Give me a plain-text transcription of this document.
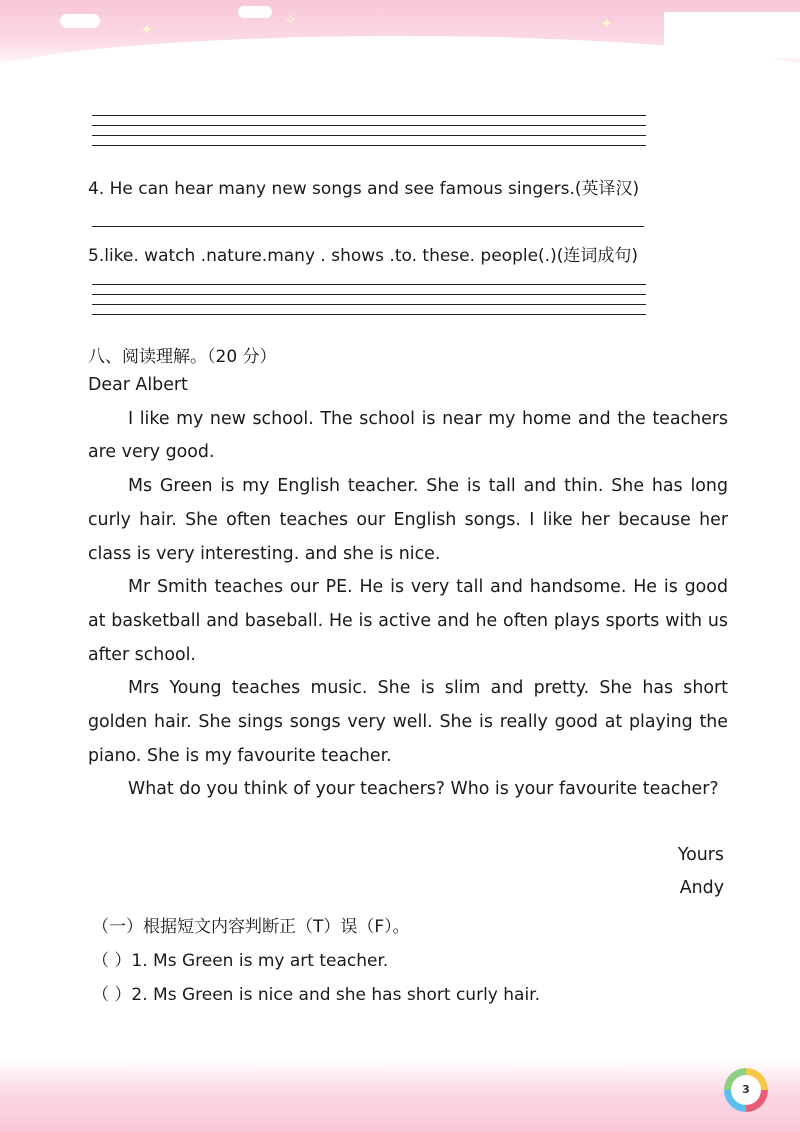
✦
✧	✦
4. He can hear many new songs and see famous singers.(英译汉)
5.like. watch .nature.many . shows .to. these. people(.)(连词成句)
八、阅读理解。（20 分）

Dear Albert

I like my new school. The school is near my home and the teachers are very good.

Ms Green is my English teacher. She is tall and thin. She has long curly hair. She often teaches our English songs. I like her because her class is very interesting. and she is nice.

Mr Smith teaches our PE. He is very tall and handsome. He is good at basketball and baseball. He is active and he often plays sports with us after school.

Mrs Young teaches music. She is slim and pretty. She has short golden hair. She sings songs very well. She is really good at playing the piano. She is my favourite teacher.

What do you think of your teachers? Who is your favourite teacher?

Yours
Andy
（一）根据短文内容判断正（T）误（F）。
（ ）1. Ms Green is my art teacher.
（ ）2. Ms Green is nice and she has short curly hair.
3
